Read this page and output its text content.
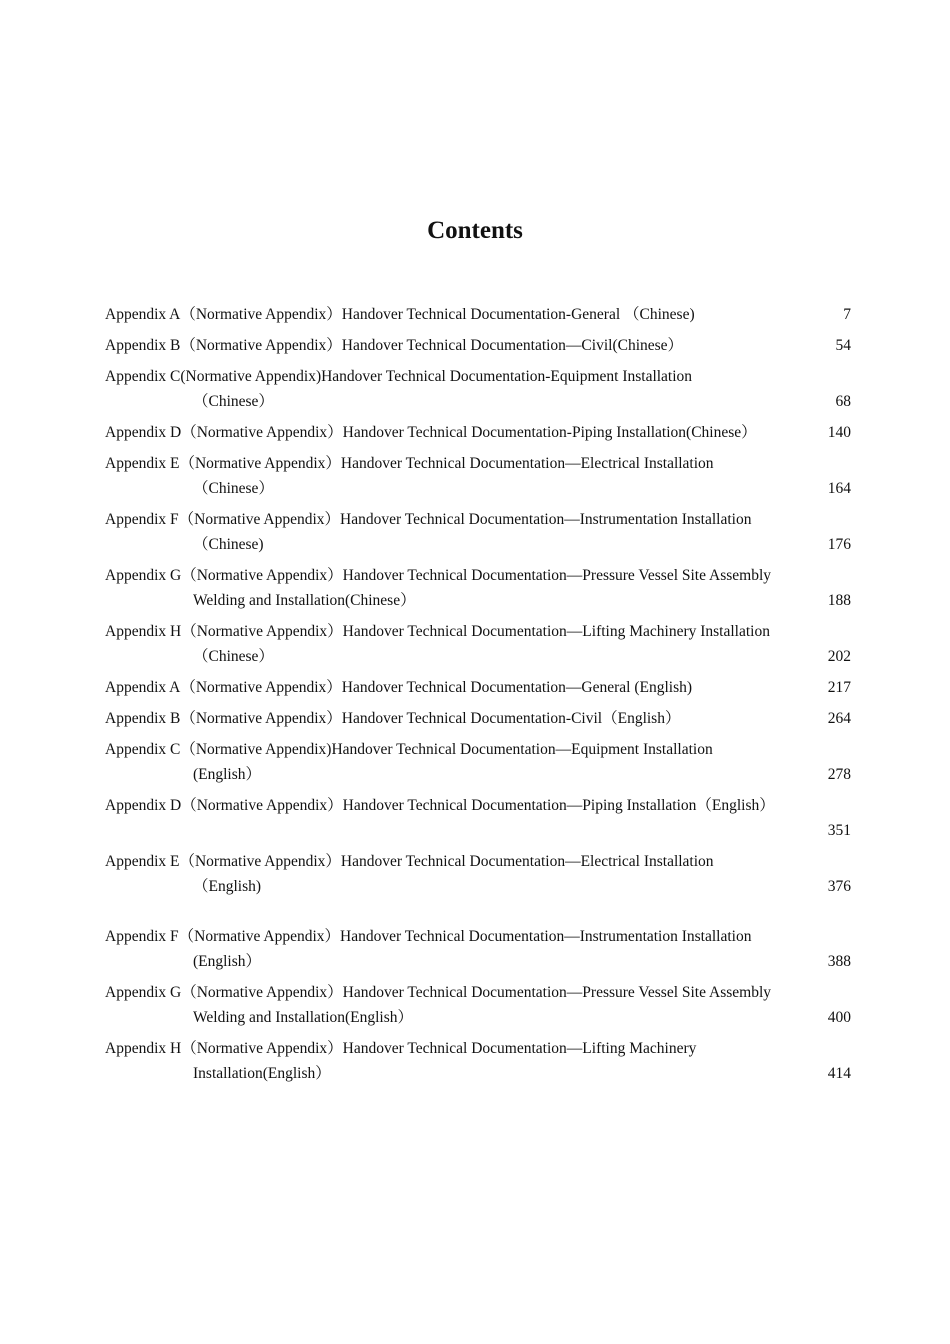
Contents
Appendix A（Normative Appendix）Handover Technical Documentation-General （Chinese)	7
Appendix B（Normative Appendix）Handover Technical Documentation—Civil(Chinese）	54
Appendix C(Normative Appendix)Handover Technical Documentation-Equipment Installation
（Chinese）	68
Appendix D（Normative Appendix）Handover Technical Documentation-Piping Installation(Chinese）	140
Appendix E（Normative Appendix）Handover Technical Documentation—Electrical Installation
（Chinese）	164
Appendix F（Normative Appendix）Handover Technical Documentation—Instrumentation Installation
（Chinese)	176
Appendix G（Normative Appendix）Handover Technical Documentation—Pressure Vessel Site Assembly
Welding and Installation(Chinese）	188
Appendix H（Normative Appendix）Handover Technical Documentation—Lifting Machinery Installation
（Chinese）	202
Appendix A（Normative Appendix）Handover Technical Documentation—General (English)	217
Appendix B（Normative Appendix）Handover Technical Documentation-Civil（English）	264
Appendix C（Normative Appendix)Handover Technical Documentation—Equipment Installation
(English）	278
Appendix D（Normative Appendix）Handover Technical Documentation—Piping Installation（English）
351
Appendix E（Normative Appendix）Handover Technical Documentation—Electrical Installation
（English)	376
Appendix F（Normative Appendix）Handover Technical Documentation—Instrumentation Installation
(English）	388
Appendix G（Normative Appendix）Handover Technical Documentation—Pressure Vessel Site Assembly
Welding and Installation(English）	400
Appendix H（Normative Appendix）Handover Technical Documentation—Lifting Machinery
Installation(English）	414
